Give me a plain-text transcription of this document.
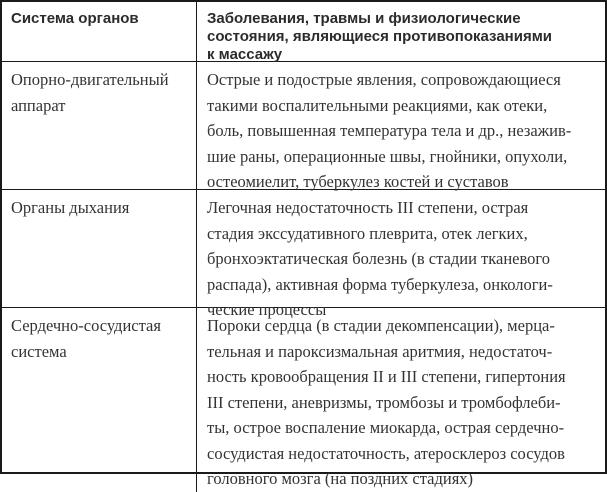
Система органов	Заболевания, травмы и физиологические
состояния, являющиеся противопоказаниями
к массажу
Опорно-двигательный
аппарат
Острые и подострые явления, сопровождающиеся
такими воспалительными реакциями, как отеки,
боль, повышенная температура тела и др., незажив-
шие раны, операционные швы, гнойники, опухоли,
остеомиелит, туберкулез костей и суставов
Органы дыхания	Легочная недостаточность III степени, острая
стадия экссудативного плеврита, отек легких,
бронхоэктатическая болезнь (в стадии тканевого
распада), активная форма туберкулеза, онкологи-
ческие процессы
Сердечно-сосудистая
система
Пороки сердца (в стадии декомпенсации), мерца-
тельная и пароксизмальная аритмия, недостаточ-
ность кровообращения II и III степени, гипертония
III степени, аневризмы, тромбозы и тромбофлеби-
ты, острое воспаление миокарда, острая сердечно-
сосудистая недостаточность, атеросклероз сосудов
головного мозга (на поздних стадиях)
